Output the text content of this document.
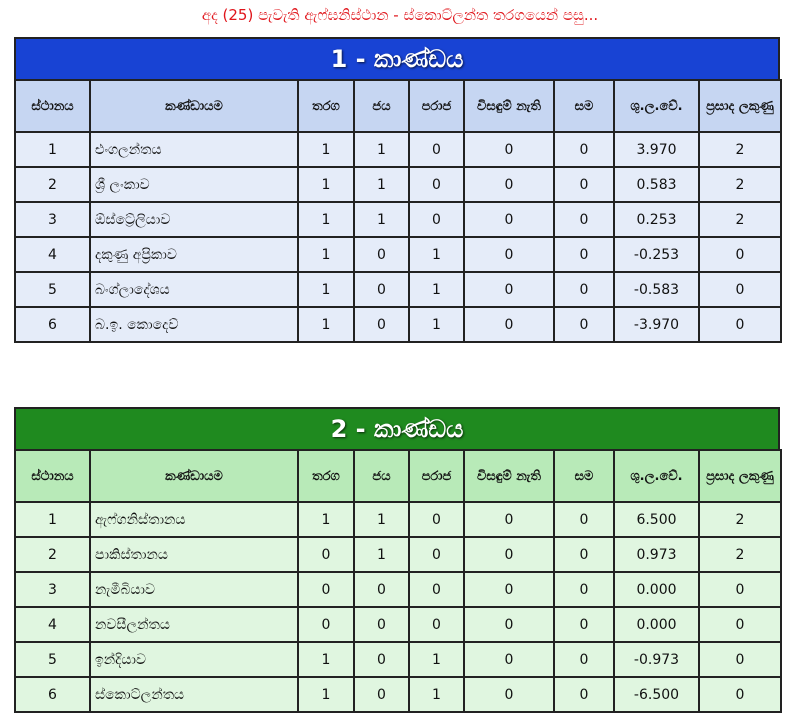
අද (25) පැවැති ඇෆ්ඝනිස්ථාන - ස්කොට්ලන්ත තරගයෙන් පසු...
1 - කාණ්ඩය
ස්ථානය	කණ්ඩායම	තරග	ජය	පරාජ	විසඳුම් නැති	සම	ශු.ල.වේ.	ප්‍රසාද ලකුණු
1	එංගලන්තය	1	1	0	0	0	3.970	2
2	ශ්‍රී ලංකාව	1	1	0	0	0	0.583	2
3	ඕස්ට්‍රේලියාව	1	1	0	0	0	0.253	2
4	දකුණු අප්‍රිකාව	1	0	1	0	0	-0.253	0
5	බංග්ලාදේශය	1	0	1	0	0	-0.583	0
6	බ.ඉ. කොදෙව්	1	0	1	0	0	-3.970	0
2 - කාණ්ඩය
ස්ථානය	කණ්ඩායම	තරග	ජය	පරාජ	විසඳුම් නැති	සම	ශු.ල.වේ.	ප්‍රසාද ලකුණු
1	ඇෆ්ගනිස්තානය	1	1	0	0	0	6.500	2
2	පාකිස්තානය	0	1	0	0	0	0.973	2
3	නැමීබියාව	0	0	0	0	0	0.000	0
4	නවසීලන්තය	0	0	0	0	0	0.000	0
5	ඉන්දියාව	1	0	1	0	0	-0.973	0
6	ස්කොට්ලන්තය	1	0	1	0	0	-6.500	0
